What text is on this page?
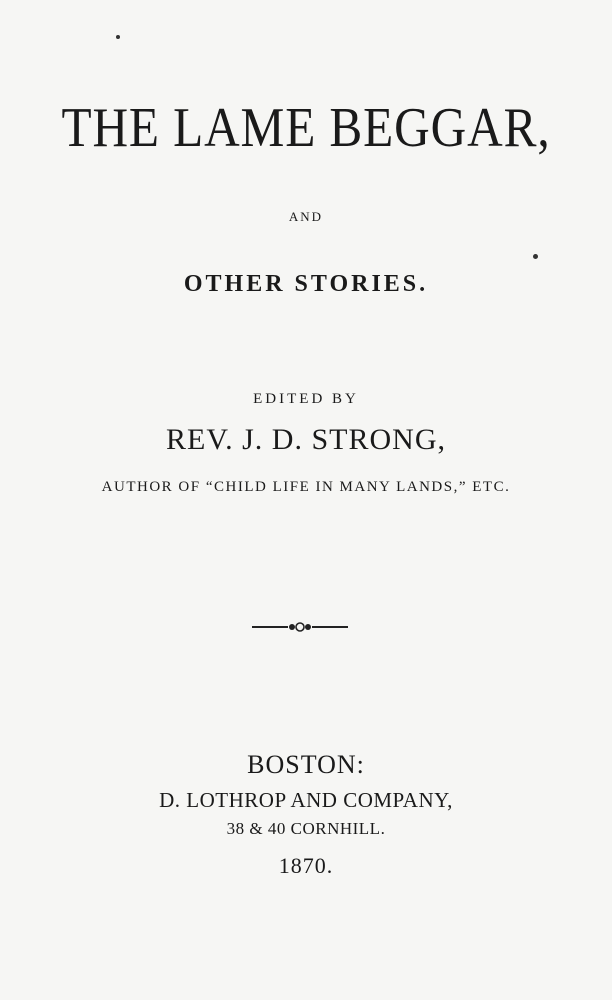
THE LAME BEGGAR,
AND
OTHER STORIES.
EDITED BY
REV. J. D. STRONG,
AUTHOR OF “CHILD LIFE IN MANY LANDS,” ETC.
BOSTON:
D. LOTHROP AND COMPANY,
38 & 40 CORNHILL.
1870.
